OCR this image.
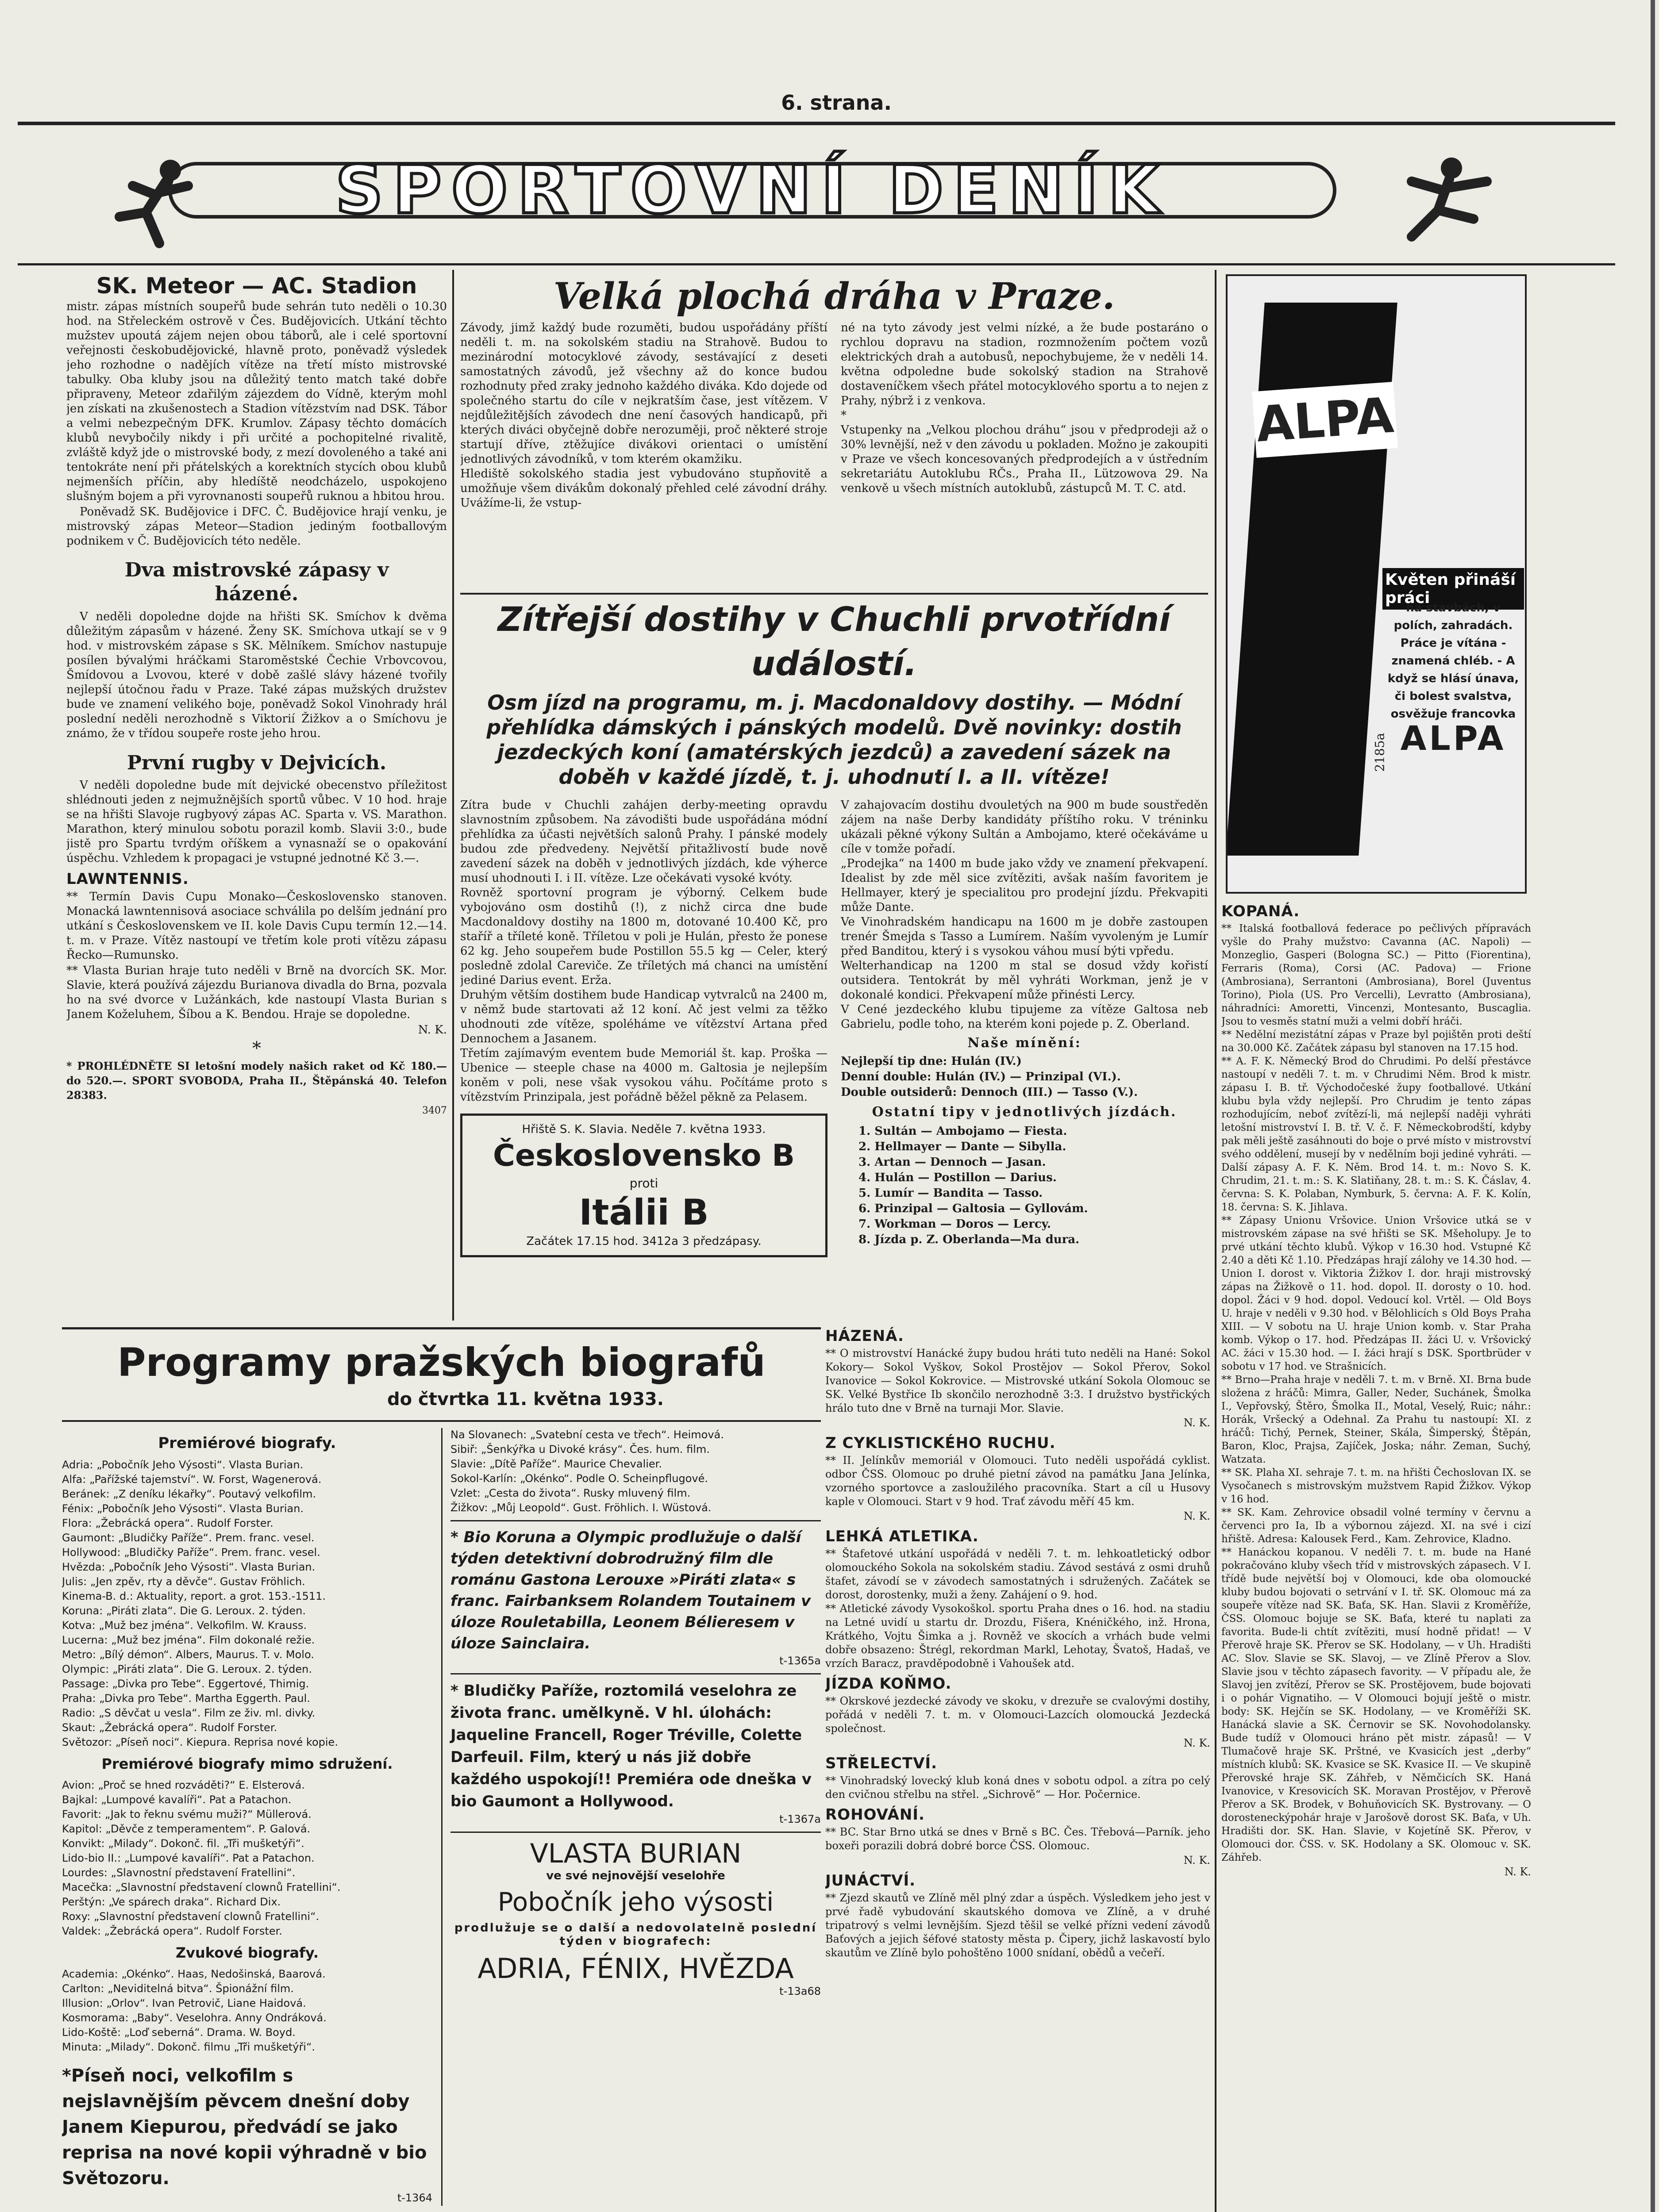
6. strana.
SPORTOVNÍ DENÍK
SK. Meteor — AC. Stadion

mistr. zápas místních soupeřů bude sehrán tuto neděli o 10.30 hod. na Střeleckém ostrově v Čes. Budějovicích. Utkání těchto mužstev upoutá zájem nejen obou táborů, ale i celé sportovní veřejnosti českobudějovické, hlavně proto, poněvadž výsledek jeho rozhodne o nadějích vítěze na třetí místo mistrovské tabulky. Oba kluby jsou na důležitý tento match také dobře připraveny, Meteor zdařilým zájezdem do Vídně, kterým mohl jen získati na zkušenostech a Stadion vítězstvím nad DSK. Tábor a velmi nebezpečným DFK. Krumlov. Zápasy těchto domácích klubů nevybočily nikdy i při určité a pochopitelné rivalitě, zvláště když jde o mistrovské body, z mezí dovoleného a také ani tentokráte není při přátelských a korektních stycích obou klubů nejmenších příčin, aby hledíště neodcházelo, uspokojeno slušným bojem a při vyrovnanosti soupeřů ruknou a hbitou hrou.

Poněvadž SK. Budějovice i DFC. Č. Budějovice hrají venku, je mistrovský zápas Meteor—Stadion jediným footballovým podnikem v Č. Budějovicích této neděle.

Dva mistrovské zápasy v házené.

V neděli dopoledne dojde na hřišti SK. Smíchov k dvěma důležitým zápasům v házené. Ženy SK. Smíchova utkají se v 9 hod. v mistrovském zápase s SK. Mělníkem. Smíchov nastupuje posílen bývalými hráčkami Staroměstské Čechie Vrbovcovou, Šmídovou a Lvovou, které v době zašlé slávy házené tvořily nejlepší útočnou řadu v Praze. Také zápas mužských družstev bude ve znamení velikého boje, poněvadž Sokol Vinohrady hrál poslední neděli nerozhodně s Viktorií Žižkov a o Smíchovu je známo, že v třídou soupeře roste jeho hrou.

První rugby v Dejvicích.

V neděli dopoledne bude mít dejvické obecenstvo příležitost shlédnouti jeden z nejmužnějších sportů vůbec. V 10 hod. hraje se na hřišti Slavoje rugbyový zápas AC. Sparta v. VS. Marathon. Marathon, který minulou sobotu porazil komb. Slavii 3:0., bude jistě pro Spartu tvrdým oříškem a vynasnaží se o opakování úspěchu. Vzhledem k propagaci je vstupné jednotné Kč 3.—.

LAWNTENNIS.

** Termín Davis Cupu Monako—Československo stanoven. Monacká lawntennisová asociace schválila po delším jednání pro utkání s Československem ve II. kole Davis Cupu termín 12.—14. t. m. v Praze. Vítěz nastoupí ve třetím kole proti vítězu zápasu Řecko—Rumunsko.

** Vlasta Burian hraje tuto neděli v Brně na dvorcích SK. Mor. Slavie, která používá zájezdu Burianova divadla do Brna, pozvala ho na své dvorce v Lužánkách, kde nastoupí Vlasta Burian s Janem Koželuhem, Šíbou a K. Bendou. Hraje se dopoledne.

N. K.

*

* PROHLÉDNĚTE SI letošní modely našich raket od Kč 180.— do 520.—. SPORT SVOBODA, Praha II., Štěpánská 40. Telefon 28383.

3407

Velká plochá dráha v Praze.

Závody, jimž každý bude rozuměti, budou uspořádány příští neděli t. m. na sokolském stadiu na Strahově. Budou to mezinárodní motocyklové závody, sestávající z deseti samostatných závodů, jež všechny až do konce budou rozhodnuty před zraky jednoho každého diváka. Kdo dojede od společného startu do cíle v nejkratším čase, jest vítězem. V nejdůležitějších závodech dne není časových handicapů, při kterých diváci obyčejně dobře nerozuměji, proč některé stroje startují dříve, ztěžujíce divákovi orientaci o umístění jednotlivých závodníků, v tom kterém okamžiku.
Hlediště sokolského stadia jest vybudováno stupňovitě a umožňuje všem divákům dokonalý přehled celé závodní dráhy. Uvážíme-li, že vstup-

né na tyto závody jest velmi nízké, a že bude postaráno o rychlou dopravu na stadion, rozmnožením počtem vozů elektrických drah a autobusů, nepochybujeme, že v neděli 14. května odpoledne bude sokolský stadion na Strahově dostaveníčkem všech přátel motocyklového sportu a to nejen z Prahy, nýbrž i z venkova.
*
Vstupenky na „Velkou plochou dráhu“ jsou v předprodeji až o 30% levnější, než v den závodu u pokladen. Možno je zakoupiti v Praze ve všech koncesovaných předprodejích a v ústředním sekretariátu Autoklubu RČs., Praha II., Lützowova 29. Na venkově u všech místních autoklubů, zástupců M. T. C. atd.

Zítřejší dostihy v Chuchli prvotřídní událostí.
Osm jízd na programu, m. j. Macdonaldovy dostihy. — Módní přehlídka dámských i pánských modelů. Dvě novinky: dostih jezdeckých koní (amatérských jezdců) a zavedení sázek na doběh v každé jízdě, t. j. uhodnutí I. a II. vítěze!

Zítra bude v Chuchli zahájen derby-meeting opravdu slavnostním způsobem. Na závodišti bude uspořádána módní přehlídka za účasti největších salonů Prahy. I pánské modely budou zde předvedeny. Největší přitažlivostí bude nově zavedení sázek na doběh v jednotlivých jízdách, kde výherce musí uhodnouti I. i II. vítěze. Lze očekávati vysoké kvóty.
Rovněž sportovní program je výborný. Celkem bude vybojováno osm dostihů (!), z nichž circa dne bude Macdonaldovy dostihy na 1800 m, dotované 10.400 Kč, pro staříř a tříleté koně. Tříletou v poli je Hulán, přesto že ponese 62 kg. Jeho soupeřem bude Postillon 55.5 kg — Celer, který posledně zdolal Careviče. Ze tříletých má chanci na umístění jediné Darius event. Erža.
Druhým větším dostihem bude Handicap vytvralců na 2400 m, v němž bude startovati až 12 koní. Ač jest velmi za těžko uhodnouti zde vítěze, spoléháme ve vítězství Artana před Dennochem a Jasanem.
Třetím zajímavým eventem bude Memoriál št. kap. Proška — Ubenice — steeple chase na 4000 m. Galtosia je nejlepším koněm v poli, nese však vysokou váhu. Počítáme proto s vítězstvím Prinzipala, jest pořádně běžel pěkně za Pelasem.

Hřiště S. K. Slavia. Neděle 7. května 1933.
Československo B
proti
Itálii B
Začátek 17.15 hod. 3412a 3 předzápasy.

V zahajovacím dostihu dvouletých na 900 m bude soustředěn zájem na naše Derby kandidáty příštího roku. V tréninku ukázali pěkné výkony Sultán a Ambojamo, které očekáváme u cíle v tomže pořadí.
„Prodejka“ na 1400 m bude jako vždy ve znamení překvapení. Idealist by zde měl sice zvítěziti, avšak naším favoritem je Hellmayer, který je specialitou pro prodejní jízdu. Překvapiti může Dante.
Ve Vinohradském handicapu na 1600 m je dobře zastoupen trenér Šmejda s Tasso a Lumírem. Naším vyvoleným je Lumír před Banditou, který i s vysokou váhou musí býti vpředu.
Welterhandicap na 1200 m stal se dosud vždy kořistí outsidera. Tentokrát by měl vyhráti Workman, jenž je v dokonalé kondici. Překvapení může přinésti Lercy.
V Cené jezdeckého klubu tipujeme za vítěze Galtosa neb Gabrielu, podle toho, na kterém koni pojede p. Z. Oberland.

Naše mínění:

Nejlepší tip dne: Hulán (IV.)

Denní double: Hulán (IV.) — Prinzipal (VI.).

Double outsiderů: Dennoch (III.) — Tasso (V.).

Ostatní tipy v jednotlivých jízdách.

1. Sultán — Ambojamo — Fiesta.

2. Hellmayer — Dante — Sibylla.

3. Artan — Dennoch — Jasan.

4. Hulán — Postillon — Darius.

5. Lumír — Bandita — Tasso.

6. Prinzipal — Galtosia — Gyllovám.

7. Workman — Doros — Lercy.

8. Jízda p. Z. Oberlanda—Ma dura.

HÁZENÁ.

** O mistrovství Hanácké župy budou hráti tuto neděli na Hané: Sokol Kokory— Sokol Vyškov, Sokol Prostějov — Sokol Přerov, Sokol Ivanovice — Sokol Kokrovice. — Mistrovské utkání Sokola Olomouc se SK. Velké Bystřice Ib skončilo nerozhodně 3:3. I družstvo bystřických hrálo tuto dne v Brně na turnaji Mor. Slavie.

N. K.

Z CYKLISTICKÉHO RUCHU.

** II. Jelínkův memoriál v Olomouci. Tuto neděli uspořádá cyklist. odbor ČSS. Olomouc po druhé pietní závod na památku Jana Jelínka, vzorného sportovce a zasloužilého pracovníka. Start a cíl u Husovy kaple v Olomouci. Start v 9 hod. Trať závodu měří 45 km.

N. K.

LEHKÁ ATLETIKA.

** Štafetové utkání uspořádá v neděli 7. t. m. lehkoatletický odbor olomouckého Sokola na sokolském stadiu. Závod sestává z osmi druhů štafet, závodí se v závodech samostatných i sdružených. Začátek se dorost, dorostenky, muži a ženy. Zahájení o 9. hod.
** Atletické závody Vysokoškol. sportu Praha dnes o 16. hod. na stadiu na Letné uvidí u startu dr. Drozdu, Fišera, Knéničkého, inž. Hrona, Krátkého, Vojtu Šimka a j. Rovněž ve skocích a vrhách bude velmi dobře obsazeno: Štrégl, rekordman Markl, Lehotay, Švatoš, Hadaš, ve vrzích Baracz, pravděpodobně i Vahoušek atd.

JÍZDA KOŇMO.

** Okrskové jezdecké závody ve skoku, v drezuře se cvalovými dostihy, pořádá v neděli 7. t. m. v Olomouci-Lazcích olomoucká Jezdecká společnost.

N. K.

STŘELECTVÍ.

** Vinohradský lovecký klub koná dnes v sobotu odpol. a zítra po celý den cvičnou střelbu na střel. „Sichrově“ — Hor. Počernice.

ROHOVÁNÍ.

** BC. Star Brno utká se dnes v Brně s BC. Čes. Třebová—Parník. jeho boxeři porazili dobrá dobré borce ČSS. Olomouc.

N. K.

JUNÁCTVÍ.

** Zjezd skautů ve Zlíně měl plný zdar a úspěch. Výsledkem jeho jest v prvé řadě vybudování skautského domova ve Zlíně, a v druhé tripatrový s velmi levnějším. Sjezd těšil se velké přízni vedení závodů Baťových a jejich šéfové statosty města p. Čipery, jichž laskavostí bylo skautům ve Zlíně bylo pohoštěno 1000 snídaní, obědů a večeří.

Programy pražských biografů
do čtvrtka 11. května 1933.
Premiérové biografy.

Adria: „Pobočník Jeho Výsosti“. Vlasta Burian.

Alfa: „Pařížské tajemství“. W. Forst, Wagenerová.

Beránek: „Z deníku lékařky“. Poutavý velkofilm.

Fénix: „Pobočník Jeho Výsosti“. Vlasta Burian.

Flora: „Žebrácká opera“. Rudolf Forster.

Gaumont: „Bludičky Paříže“. Prem. franc. vesel.

Hollywood: „Bludičky Paříže“. Prem. franc. vesel.

Hvězda: „Pobočník Jeho Výsosti“. Vlasta Burian.

Julis: „Jen zpěv, rty a děvče“. Gustav Fröhlich.

Kinema-B. d.: Aktuality, report. a grot. 153.-1511.

Koruna: „Piráti zlata“. Die G. Leroux. 2. týden.

Kotva: „Muž bez jména“. Velkofilm. W. Krauss.

Lucerna: „Muž bez jména“. Film dokonalé režie.

Metro: „Bílý démon“. Albers, Maurus. T. v. Molo.

Olympic: „Piráti zlata“. Die G. Leroux. 2. týden.

Passage: „Divka pro Tebe“. Eggertové, Thimig.

Praha: „Divka pro Tebe“. Martha Eggerth. Paul.

Radio: „S děvčat u vesla“. Film ze živ. ml. divky.

Skaut: „Žebrácká opera“. Rudolf Forster.

Světozor: „Píseň noci“. Kiepura. Reprisa nové kopie.

Premiérové biografy mimo sdružení.

Avion: „Proč se hned rozváděti?“ E. Elsterová.

Bajkal: „Lumpové kavalíři“. Pat a Patachon.

Favorit: „Jak to řeknu svému muži?“ Müllerová.

Kapitol: „Děvče z temperamentem“. P. Galová.

Konvikt: „Milady“. Dokonč. fil. „Tři mušketýři“.

Lido-bio II.: „Lumpové kavalíři“. Pat a Patachon.

Lourdes: „Slavnostní představení Fratellini“.

Macečka: „Slavnostní představení clownů Fratellini“.

Perštýn: „Ve spárech draka“. Richard Dix.

Roxy: „Slavnostní představení clownů Fratellini“.

Valdek: „Žebrácká opera“. Rudolf Forster.

Zvukové biografy.

Academia: „Okénko“. Haas, Nedošinská, Baarová.

Carlton: „Neviditelná bitva“. Špionážní film.

Illusion: „Orlov“. Ivan Petrovič, Liane Haidová.

Kosmorama: „Baby“. Veselohra. Anny Ondráková.

Lido-Koště: „Loď seberná“. Drama. W. Boyd.

Minuta: „Milady“. Dokonč. filmu „Tři mušketýři“.

*Píseň noci, velkofilm s nejslavnějším pěvcem dnešní doby Janem Kiepurou, předvádí se jako reprisa na nové kopii výhradně v bio Světozoru.

t-1364

Na Slovanech: „Svatební cesta ve třech“. Heimová.

Sibiř: „Šenkýřka u Divoké krásy“. Čes. hum. film.

Slavie: „Dítě Paříže“. Maurice Chevalier.

Sokol-Karlín: „Okénko“. Podle O. Scheinpflugové.

Vzlet: „Cesta do života“. Rusky mluvený film.

Žižkov: „Můj Leopold“. Gust. Fröhlich. I. Wüstová.

* Bio Koruna a Olympic prodlužuje o další týden detektivní dobrodružný film dle románu Gastona Lerouxe »Piráti zlata« s franc. Fairbanksem Rolandem Toutainem v úloze Rouletabilla, Leonem Bélieresem v úloze Sainclaira.

t-1365a

* Bludičky Paříže, roztomilá veselohra ze života franc. umělkyně. V hl. úlohách: Jaqueline Francell, Roger Tréville, Colette Darfeuil. Film, který u nás již dobře každého uspokojí!! Premiéra ode dneška v bio Gaumont a Hollywood.

t-1367a

VLASTA BURIAN
ve své nejnovější veselohře
Pobočník jeho výsosti
prodlužuje se o další a nedovolatelně poslední týden v biografech:
ADRIA, FÉNIX, HVĚZDA

t-13a68

ALPA
Květen přináší práci
na stavbách, v polích, zahradách. Práce je vítána - znamená chléb. - A když se hlásí únava, či bolest svalstva, osvěžuje francovka
ALPA
2185a
KOPANÁ.

** Italská footballová federace po pečlivých přípravách vyšle do Prahy mužstvo: Cavanna (AC. Napoli) — Monzeglio, Gasperi (Bologna SC.) — Pitto (Fiorentina), Ferraris (Roma), Corsi (AC. Padova) — Frione (Ambrosiana), Serrantoni (Ambrosiana), Borel (Juventus Torino), Piola (US. Pro Vercelli), Levratto (Ambrosiana), náhradníci: Amoretti, Vincenzi, Montesanto, Buscaglia. Jsou to vesměs statní muži a velmi dobří hráči.
** Nedělní mezistátní zápas v Praze byl pojištěn proti deští na 30.000 Kč. Začátek zápasu byl stanoven na 17.15 hod.
** A. F. K. Německý Brod do Chrudimi. Po delší přestávce nastoupí v neděli 7. t. m. v Chrudimi Něm. Brod k mistr. zápasu I. B. tř. Východočeské župy footballové. Utkání klubu byla vždy nejlepší. Pro Chrudim je tento zápas rozhodujícím, neboť zvítězí-li, má nejlepší naději vyhráti letošní mistrovství I. B. tř. V. č. F. Německobrodští, kdyby pak měli ještě zasáhnouti do boje o prvé místo v mistrovství svého oddělení, musejí by v nedělním boji jediné vyhráti. — Další zápasy A. F. K. Něm. Brod 14. t. m.: Novo S. K. Chrudim, 21. t. m.: S. K. Slatiňany, 28. t. m.: S. K. Čáslav, 4. června: S. K. Polaban, Nymburk, 5. června: A. F. K. Kolín, 18. června: S. K. Jihlava.
** Zápasy Unionu Vršovice. Union Vršovice utká se v mistrovském zápase na své hřišti se SK. Mšeholupy. Je to prvé utkání těchto klubů. Výkop v 16.30 hod. Vstupné Kč 2.40 a děti Kč 1.10. Předzápas hrají zálohy ve 14.30 hod. — Union I. dorost v. Viktoria Žižkov I. dor. hraji mistrovský zápas na Žižkově o 11. hod. dopol. II. dorosty o 10. hod. dopol. Žáci v 9 hod. dopol. Vedoucí kol. Vrtěl. — Old Boys U. hraje v neděli v 9.30 hod. v Bělohlicích s Old Boys Praha XIII. — V sobotu na U. hraje Union komb. v. Star Praha komb. Výkop o 17. hod. Předzápas II. žáci U. v. Vršovický AC. žáci v 15.30 hod. — I. žáci hrají s DSK. Sportbrüder v sobotu v 17 hod. ve Strašnicích.
** Brno—Praha hraje v neděli 7. t. m. v Brně. XI. Brna bude složena z hráčů: Mimra, Galler, Neder, Suchánek, Šmolka I., Vepřovský, Štěro, Šmolka II., Motal, Veselý, Ruic; náhr.: Horák, Vršecký a Odehnal. Za Prahu tu nastoupí: XI. z hráčů: Tichý, Pernek, Steiner, Skála, Šimperský, Štěpán, Baron, Kloc, Prajsa, Zajíček, Joska; náhr. Zeman, Suchý, Watzata.
** SK. Plaha XI. sehraje 7. t. m. na hřišti Čechoslovan IX. se Vysočanech s mistrovským mužstvem Rapid Žižkov. Výkop v 16 hod.
** SK. Kam. Zehrovice obsadil volné termíny v červnu a červenci pro Ia, Ib a výbornou zájezd. XI. na své i cizí hřiště. Adresa: Kalousek Ferd., Kam. Zehrovice, Kladno.
** Hanáckou kopanou. V neděli 7. t. m. bude na Hané pokračováno kluby všech tříd v mistrovských zápasech. V I. třídě bude největší boj v Olomouci, kde oba olomoucké kluby budou bojovati o setrvání v I. tř. SK. Olomouc má za soupeře vítěze nad SK. Baťa, SK. Han. Slavii z Kroměříže, ČSS. Olomouc bojuje se SK. Baťa, které tu naplati za favorita. Bude-li chtít zvítěziti, musí hodně přidat! — V Přerově hraje SK. Přerov se SK. Hodolany, — v Uh. Hradišti AC. Slov. Slavie se SK. Slavoj, — ve Zlíně Přerov a Slov. Slavie jsou v těchto zápasech favority. — V případu ale, že Slavoj jen zvítězí, Přerov se SK. Prostějovem, bude bojovati i o pohár Vignatiho. — V Olomouci bojují ještě o mistr. body: SK. Hejčín se SK. Hodolany, — ve Kroměříži SK. Hanácká slavie a SK. Černovir se SK. Novohodolansky. Bude tudíž v Olomouci hráno pět mistr. zápasů! — V Tlumačově hraje SK. Prštné, ve Kvasicích jest „derby“ místních klubů: SK. Kvasice se SK. Kvasice II. — Ve skupině Přerovské hraje SK. Záhřeb, v Němčicích SK. Haná Ivanovice, v Kresovicích SK. Moravan Prostějov, v Přerově Přerov a SK. Brodek, v Bohuňovicích SK. Bystrovany. — O dorosteneckýpohár hraje v Jarošově dorost SK. Baťa, v Uh. Hradišti dor. SK. Han. Slavie, v Kojetíně SK. Přerov, v Olomouci dor. ČSS. v. SK. Hodolany a SK. Olomouc v. SK. Záhřeb.

N. K.
